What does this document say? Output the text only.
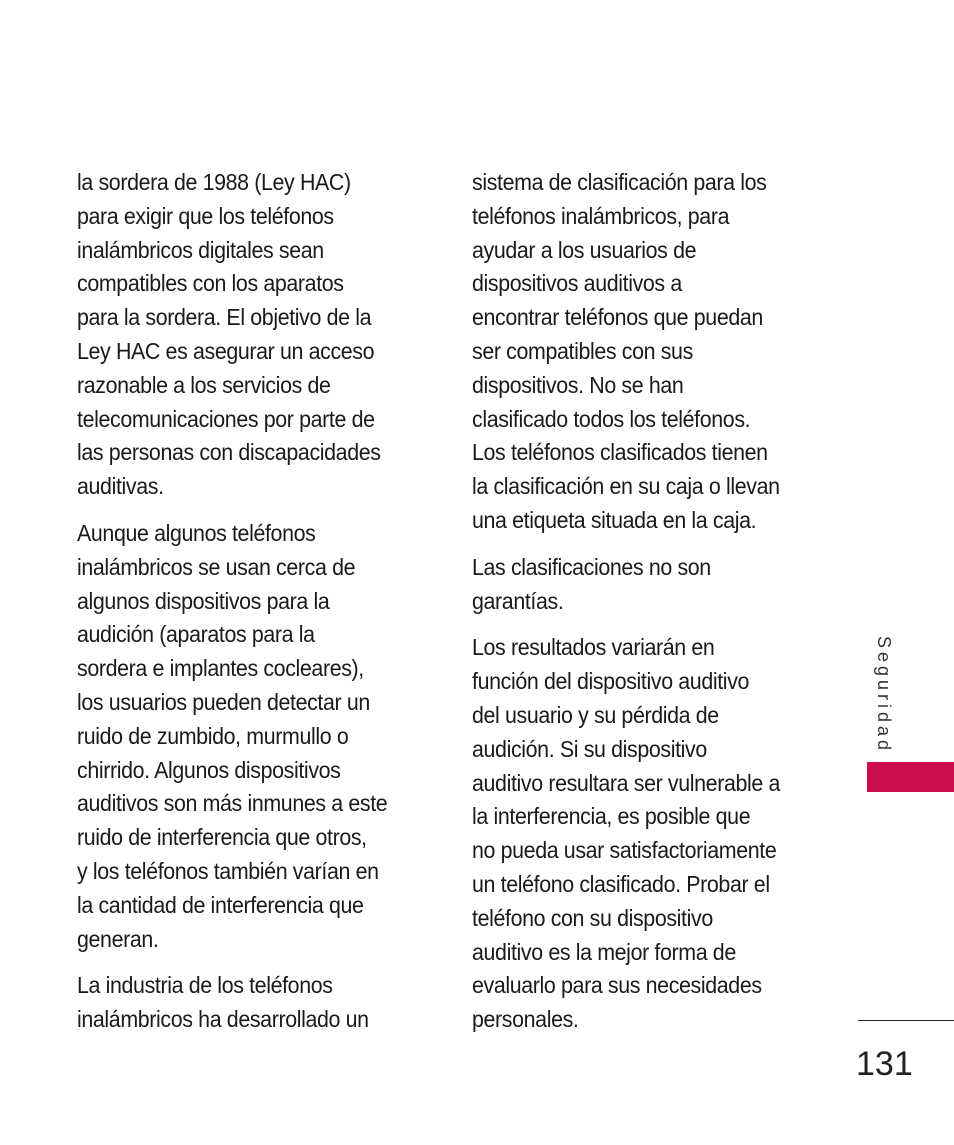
la sordera de 1988 (Ley HAC)
para exigir que los teléfonos
inalámbricos digitales sean
compatibles con los aparatos
para la sordera. El objetivo de la
Ley HAC es asegurar un acceso
razonable a los servicios de
telecomunicaciones por parte de
las personas con discapacidades
auditivas.

Aunque algunos teléfonos
inalámbricos se usan cerca de
algunos dispositivos para la
audición (aparatos para la
sordera e implantes cocleares),
los usuarios pueden detectar un
ruido de zumbido, murmullo o
chirrido. Algunos dispositivos
auditivos son más inmunes a este
ruido de interferencia que otros,
y los teléfonos también varían en
la cantidad de interferencia que
generan.

La industria de los teléfonos
inalámbricos ha desarrollado un

sistema de clasificación para los
teléfonos inalámbricos, para
ayudar a los usuarios de
dispositivos auditivos a
encontrar teléfonos que puedan
ser compatibles con sus
dispositivos. No se han
clasificado todos los teléfonos.
Los teléfonos clasificados tienen
la clasificación en su caja o llevan
una etiqueta situada en la caja.

Las clasificaciones no son
garantías.

Los resultados variarán en
función del dispositivo auditivo
del usuario y su pérdida de
audición. Si su dispositivo
auditivo resultara ser vulnerable a
la interferencia, es posible que
no pueda usar satisfactoriamente
un teléfono clasificado. Probar el
teléfono con su dispositivo
auditivo es la mejor forma de
evaluarlo para sus necesidades
personales.

Seguridad
131
